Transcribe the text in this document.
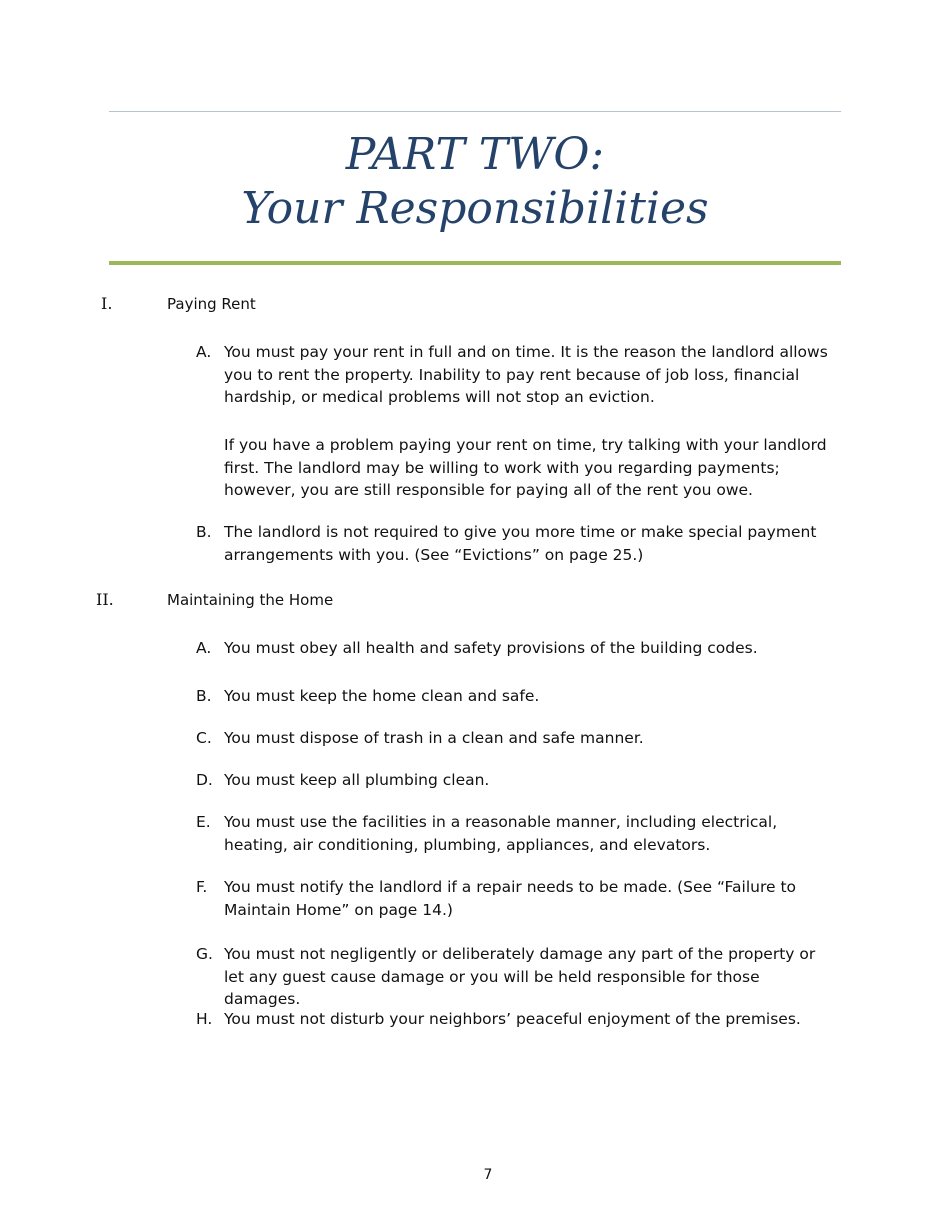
PART TWO:
Your Responsibilities
I.	Paying Rent
A. You must pay your rent in full and on time. It is the reason the landlord allows you to rent the property. Inability to pay rent because of job loss, financial hardship, or medical problems will not stop an eviction.
If you have a problem paying your rent on time, try talking with your landlord first. The landlord may be willing to work with you regarding payments; however, you are still responsible for paying all of the rent you owe.
B. The landlord is not required to give you more time or make special payment arrangements with you. (See “Evictions” on page 25.)
II.	Maintaining the Home
A. You must obey all health and safety provisions of the building codes.
B. You must keep the home clean and safe.
C. You must dispose of trash in a clean and safe manner.
D. You must keep all plumbing clean.
E. You must use the facilities in a reasonable manner, including electrical, heating, air conditioning, plumbing, appliances, and elevators.
F. You must notify the landlord if a repair needs to be made. (See “Failure to Maintain Home” on page 14.)
G. You must not negligently or deliberately damage any part of the property or let any guest cause damage or you will be held responsible for those damages.
H. You must not disturb your neighbors’ peaceful enjoyment of the premises.
7
